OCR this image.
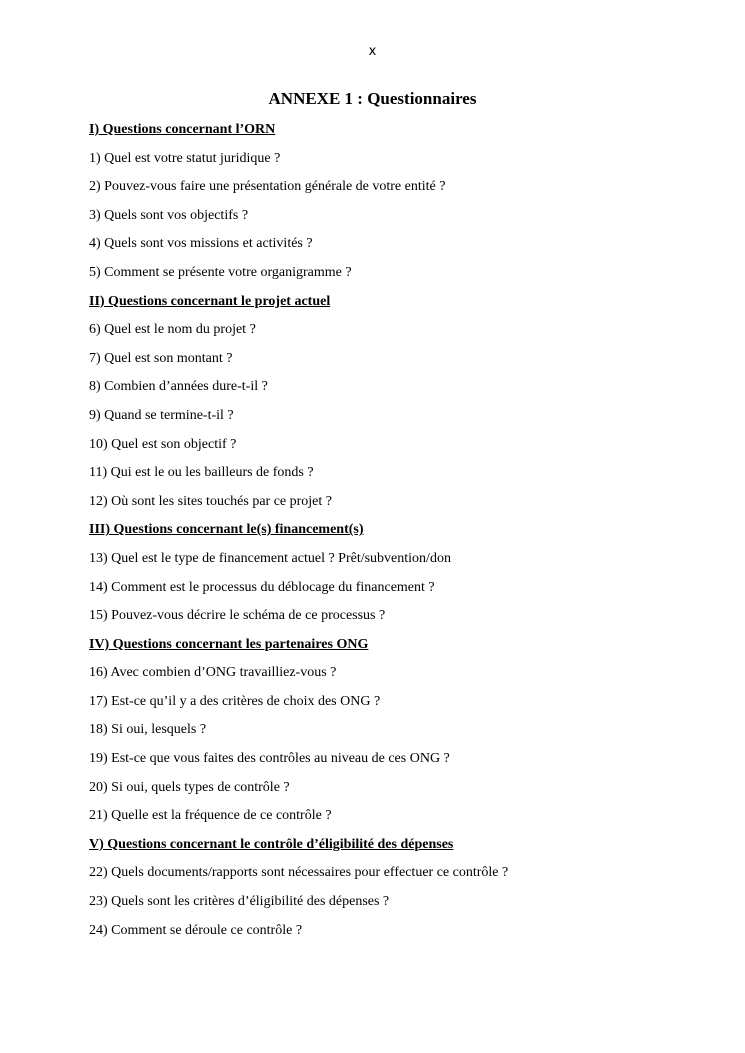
x
ANNEXE 1 : Questionnaires
I) Questions concernant l’ORN
1) Quel est votre statut juridique ?
2) Pouvez-vous faire une présentation générale de votre entité ?
3) Quels sont vos objectifs ?
4) Quels sont vos missions et activités ?
5) Comment se présente votre organigramme ?
II) Questions concernant le projet actuel
6) Quel est le nom du projet ?
7) Quel est son montant ?
8) Combien d’années dure-t-il ?
9) Quand se termine-t-il ?
10) Quel est son objectif ?
11) Qui est le ou les bailleurs de fonds ?
12) Où sont les sites touchés par ce projet ?
III) Questions concernant le(s) financement(s)
13) Quel est le type de financement actuel ? Prêt/subvention/don
14) Comment est le processus du déblocage du financement ?
15) Pouvez-vous décrire le schéma de ce processus ?
IV) Questions concernant les partenaires ONG
16) Avec combien d’ONG travailliez-vous ?
17) Est-ce qu’il y a des critères de choix des ONG ?
18) Si oui, lesquels ?
19) Est-ce que vous faites des contrôles au niveau de ces ONG ?
20) Si oui, quels types de contrôle ?
21) Quelle est la fréquence de ce contrôle ?
V) Questions concernant le contrôle d’éligibilité des dépenses
22) Quels documents/rapports sont nécessaires pour effectuer ce contrôle ?
23) Quels sont les critères d’éligibilité des dépenses ?
24) Comment se déroule ce contrôle ?
